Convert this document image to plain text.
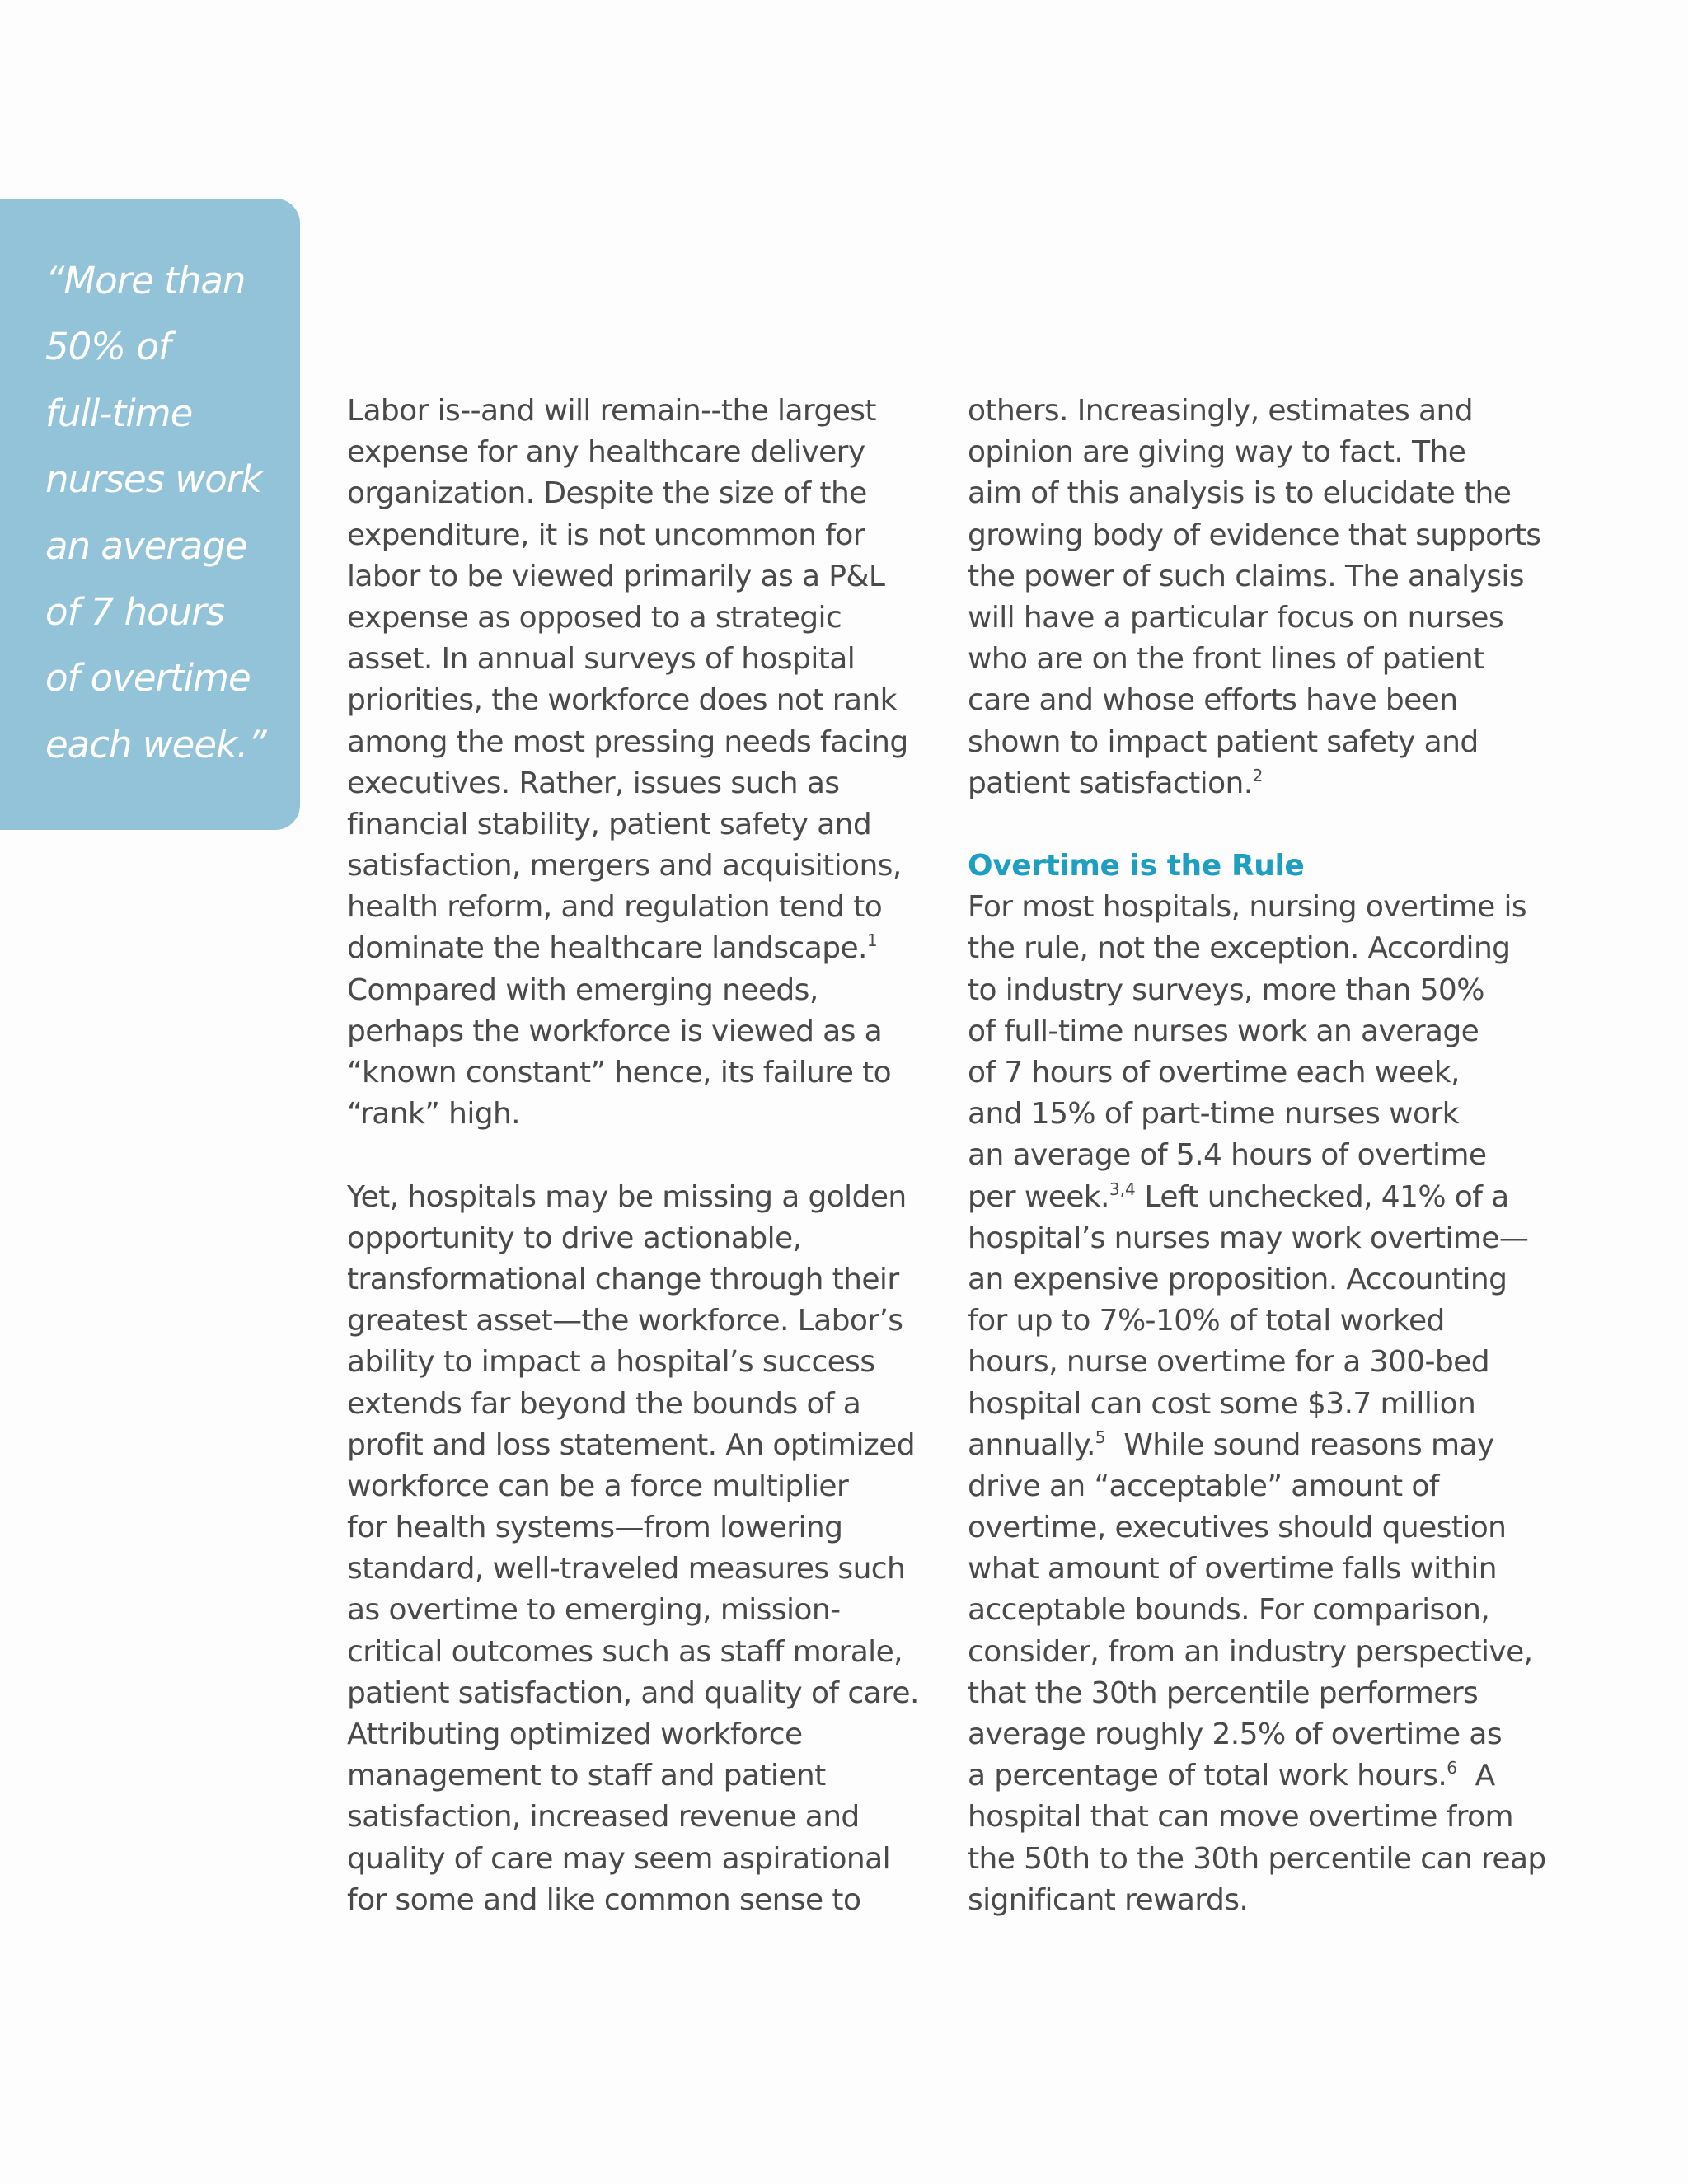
“More than
50% of
full-time
nurses work
an average
of 7 hours
of overtime
each week.”

Labor is--and will remain--the largest
expense for any healthcare delivery
organization. Despite the size of the
expenditure, it is not uncommon for
labor to be viewed primarily as a P&L
expense as opposed to a strategic
asset. In annual surveys of hospital
priorities, the workforce does not rank
among the most pressing needs facing
executives. Rather, issues such as
financial stability, patient safety and
satisfaction, mergers and acquisitions,
health reform, and regulation tend to
dominate the healthcare landscape.$^1$
Compared with emerging needs,
perhaps the workforce is viewed as a
“known constant” hence, its failure to
“rank” high.
Yet, hospitals may be missing a golden
opportunity to drive actionable,
transformational change through their
greatest asset—the workforce. Labor’s
ability to impact a hospital’s success
extends far beyond the bounds of a
profit and loss statement. An optimized
workforce can be a force multiplier
for health systems—from lowering
standard, well-traveled measures such
as overtime to emerging, mission-
critical outcomes such as staff morale,
patient satisfaction, and quality of care.
Attributing optimized workforce
management to staff and patient
satisfaction, increased revenue and
quality of care may seem aspirational
for some and like common sense to
others. Increasingly, estimates and
opinion are giving way to fact. The
aim of this analysis is to elucidate the
growing body of evidence that supports
the power of such claims. The analysis
will have a particular focus on nurses
who are on the front lines of patient
care and whose efforts have been
shown to impact patient safety and
patient satisfaction.$^2$
Overtime is the Rule
For most hospitals, nursing overtime is
the rule, not the exception. According
to industry surveys, more than 50%
of full-time nurses work an average
of 7 hours of overtime each week,
and 15% of part-time nurses work
an average of 5.4 hours of overtime
per week.$^{3,4}$ Left unchecked, 41% of a
hospital’s nurses may work overtime—
an expensive proposition. Accounting
for up to 7%-10% of total worked
hours, nurse overtime for a 300-bed
hospital can cost some $3.7 million
annually.$^5$  While sound reasons may
drive an “acceptable” amount of
overtime, executives should question
what amount of overtime falls within
acceptable bounds. For comparison,
consider, from an industry perspective,
that the 30th percentile performers
average roughly 2.5% of overtime as
a percentage of total work hours.$^6$  A
hospital that can move overtime from
the 50th to the 30th percentile can reap
significant rewards.
